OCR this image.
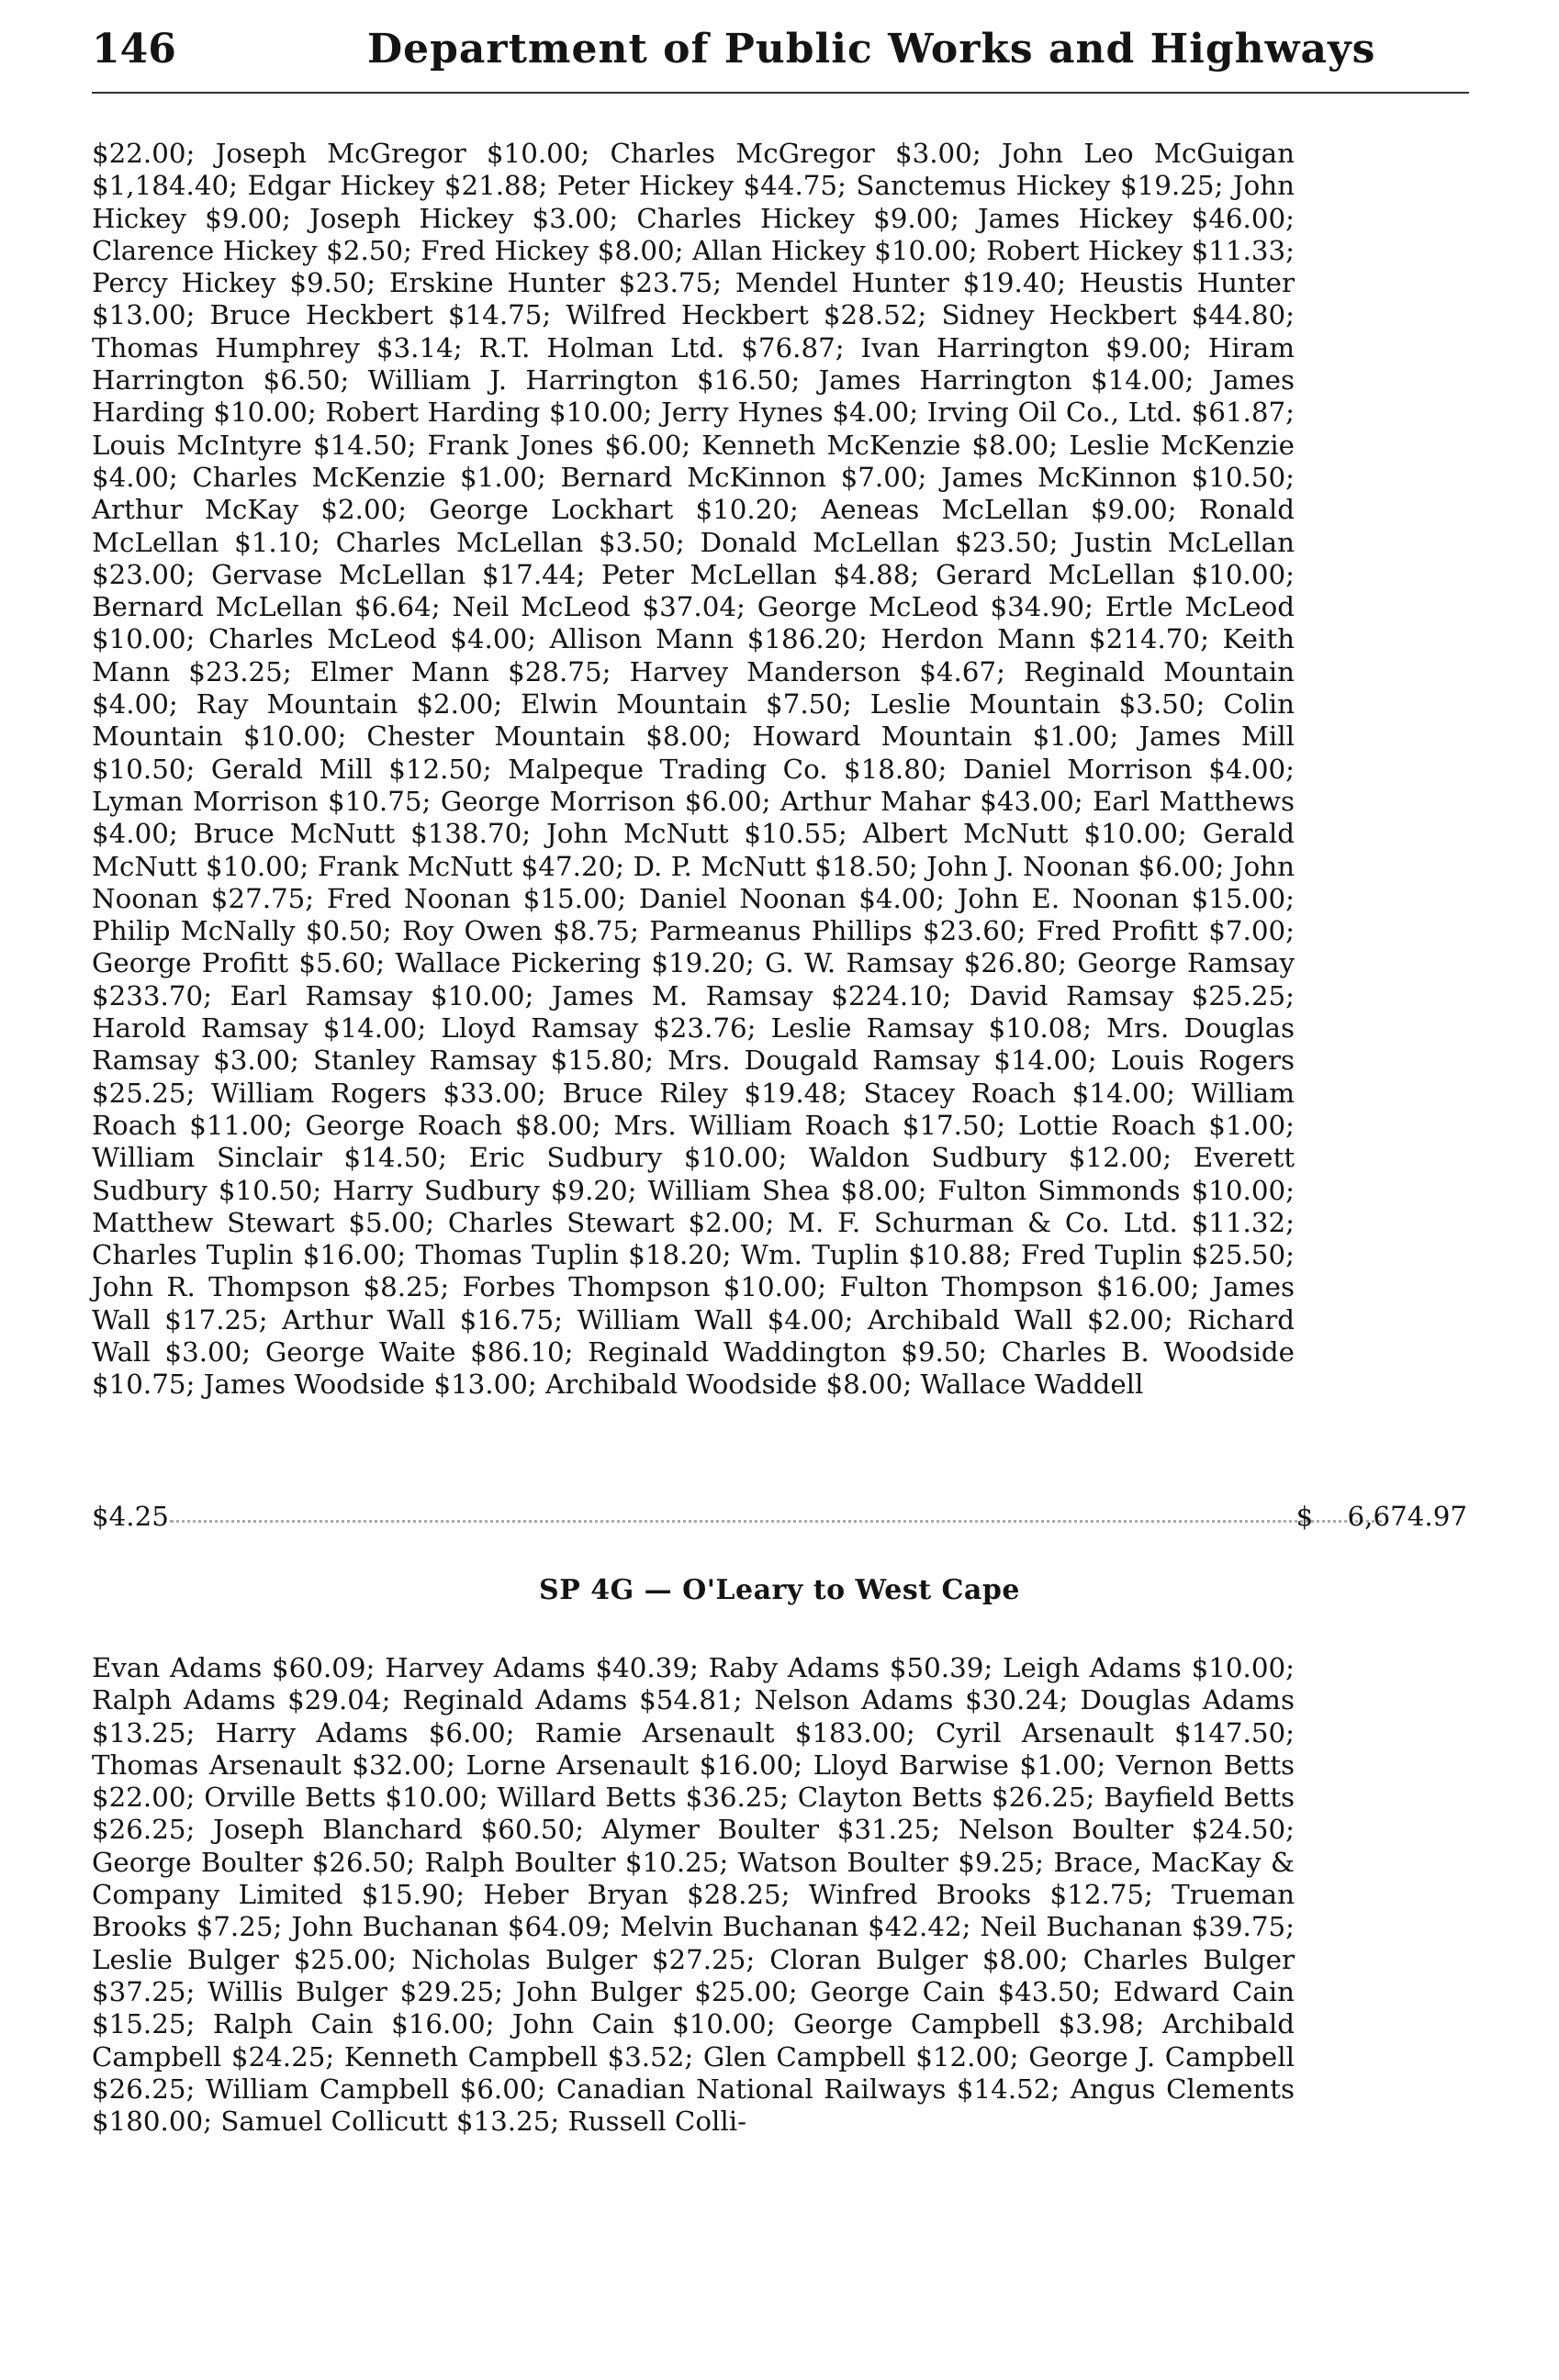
146	Department of Public Works and Highways
$22.00; Joseph McGregor $10.00; Charles McGregor $3.00; John Leo McGuigan $1,184.40; Edgar Hickey $21.88; Peter Hickey $44.75; Sanctemus Hickey $19.25; John Hickey $9.00; Joseph Hickey $3.00; Charles Hickey $9.00; James Hickey $46.00; Clarence Hickey $2.50; Fred Hickey $8.00; Allan Hickey $10.00; Robert Hickey $11.33; Percy Hickey $9.50; Erskine Hunter $23.75; Mendel Hunter $19.40; Heustis Hunter $13.00; Bruce Heckbert $14.75; Wilfred Heckbert $28.52; Sidney Heckbert $44.80; Thomas Humphrey $3.14; R.T. Holman Ltd. $76.87; Ivan Harrington $9.00; Hiram Harrington $6.50; William J. Harrington $16.50; James Harrington $14.00; James Harding $10.00; Robert Harding $10.00; Jerry Hynes $4.00; Irving Oil Co., Ltd. $61.87; Louis McIntyre $14.50; Frank Jones $6.00; Kenneth McKenzie $8.00; Leslie McKenzie $4.00; Charles McKenzie $1.00; Bernard McKinnon $7.00; James McKinnon $10.50; Arthur McKay $2.00; George Lockhart $10.20; Aeneas McLellan $9.00; Ronald McLellan $1.10; Charles McLellan $3.50; Donald McLellan $23.50; Justin McLellan $23.00; Gervase McLellan $17.44; Peter McLellan $4.88; Gerard McLellan $10.00; Bernard McLellan $6.64; Neil McLeod $37.04; George McLeod $34.90; Ertle McLeod $10.00; Charles McLeod $4.00; Allison Mann $186.20; Herdon Mann $214.70; Keith Mann $23.25; Elmer Mann $28.75; Harvey Manderson $4.67; Reginald Mountain $4.00; Ray Mountain $2.00; Elwin Mountain $7.50; Leslie Mountain $3.50; Colin Mountain $10.00; Chester Mountain $8.00; Howard Mountain $1.00; James Mill $10.50; Gerald Mill $12.50; Malpeque Trading Co. $18.80; Daniel Morrison $4.00; Lyman Morrison $10.75; George Morrison $6.00; Arthur Mahar $43.00; Earl Matthews $4.00; Bruce McNutt $138.70; John McNutt $10.55; Albert McNutt $10.00; Gerald McNutt $10.00; Frank McNutt $47.20; D. P. McNutt $18.50; John J. Noonan $6.00; John Noonan $27.75; Fred Noonan $15.00; Daniel Noonan $4.00; John E. Noonan $15.00; Philip McNally $0.50; Roy Owen $8.75; Parmeanus Phillips $23.60; Fred Profitt $7.00; George Profitt $5.60; Wallace Pickering $19.20; G. W. Ramsay $26.80; George Ramsay $233.70; Earl Ramsay $10.00; James M. Ramsay $224.10; David Ramsay $25.25; Harold Ramsay $14.00; Lloyd Ramsay $23.76; Leslie Ramsay $10.08; Mrs. Douglas Ramsay $3.00; Stanley Ramsay $15.80; Mrs. Dougald Ramsay $14.00; Louis Rogers $25.25; William Rogers $33.00; Bruce Riley $19.48; Stacey Roach $14.00; William Roach $11.00; George Roach $8.00; Mrs. William Roach $17.50; Lottie Roach $1.00; William Sinclair $14.50; Eric Sudbury $10.00; Waldon Sudbury $12.00; Everett Sudbury $10.50; Harry Sudbury $9.20; William Shea $8.00; Fulton Simmonds $10.00; Matthew Stewart $5.00; Charles Stewart $2.00; M. F. Schurman & Co. Ltd. $11.32; Charles Tuplin $16.00; Thomas Tuplin $18.20; Wm. Tuplin $10.88; Fred Tuplin $25.50; John R. Thompson $8.25; Forbes Thompson $10.00; Fulton Thompson $16.00; James Wall $17.25; Arthur Wall $16.75; William Wall $4.00; Archibald Wall $2.00; Richard Wall $3.00; George Waite $86.10; Reginald Waddington $9.50; Charles B. Woodside $10.75; James Woodside $13.00; Archibald Woodside $8.00; Wallace Waddell
$4.25	$    6,674.97
SP 4G — O'Leary to West Cape
Evan Adams $60.09; Harvey Adams $40.39; Raby Adams $50.39; Leigh Adams $10.00; Ralph Adams $29.04; Reginald Adams $54.81; Nelson Adams $30.24; Douglas Adams $13.25; Harry Adams $6.00; Ramie Arsenault $183.00; Cyril Arsenault $147.50; Thomas Arsenault $32.00; Lorne Arsenault $16.00; Lloyd Barwise $1.00; Vernon Betts $22.00; Orville Betts $10.00; Willard Betts $36.25; Clayton Betts $26.25; Bayfield Betts $26.25; Joseph Blanchard $60.50; Alymer Boulter $31.25; Nelson Boulter $24.50; George Boulter $26.50; Ralph Boulter $10.25; Watson Boulter $9.25; Brace, MacKay & Company Limited $15.90; Heber Bryan $28.25; Winfred Brooks $12.75; Trueman Brooks $7.25; John Buchanan $64.09; Melvin Buchanan $42.42; Neil Buchanan $39.75; Leslie Bulger $25.00; Nicholas Bulger $27.25; Cloran Bulger $8.00; Charles Bulger $37.25; Willis Bulger $29.25; John Bulger $25.00; George Cain $43.50; Edward Cain $15.25; Ralph Cain $16.00; John Cain $10.00; George Campbell $3.98; Archibald Campbell $24.25; Kenneth Campbell $3.52; Glen Campbell $12.00; George J. Campbell $26.25; William Campbell $6.00; Canadian National Railways $14.52; Angus Clements $180.00; Samuel Collicutt $13.25; Russell Colli-
